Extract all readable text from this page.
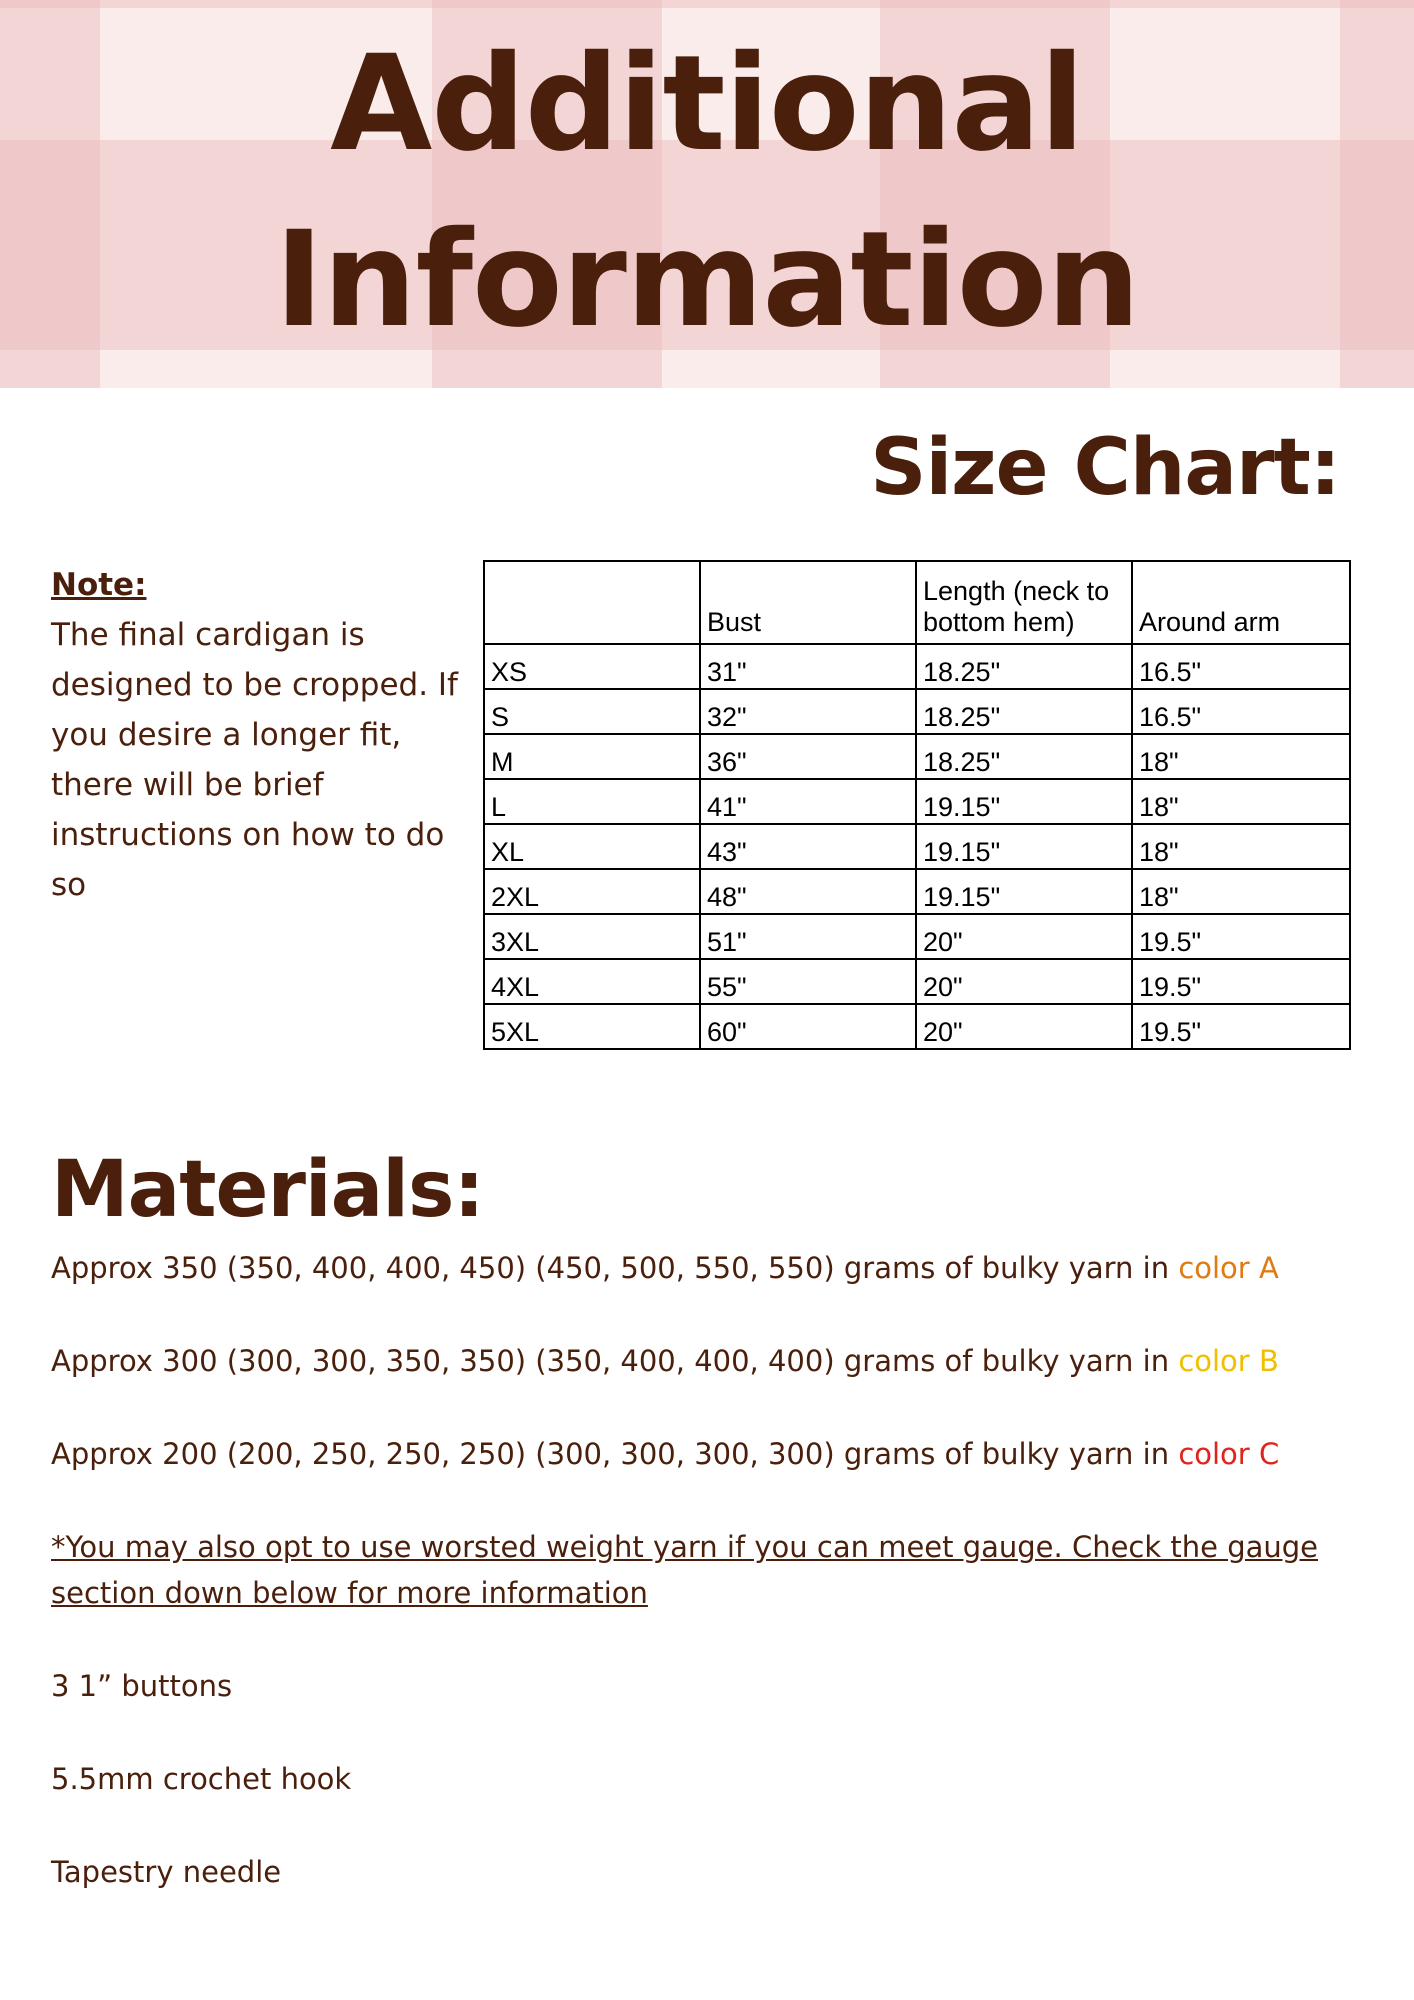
Additional
Information
Size Chart:
Note:
The final cardigan is designed to be cropped. If you desire a longer fit, there will be brief instructions on how to do so
	Bust	Length (neck to bottom hem)	Around arm
XS	31"	18.25"	16.5"
S	32"	18.25"	16.5"
M	36"	18.25"	18"
L	41"	19.15"	18"
XL	43"	19.15"	18"
2XL	48"	19.15"	18"
3XL	51"	20"	19.5"
4XL	55"	20"	19.5"
5XL	60"	20"	19.5"
Materials:
Approx 350 (350, 400, 400, 450) (450, 500, 550, 550) grams of bulky yarn in color A
Approx 300 (300, 300, 350, 350) (350, 400, 400, 400) grams of bulky yarn in color B
Approx 200 (200, 250, 250, 250) (300, 300, 300, 300) grams of bulky yarn in color C
*You may also opt to use worsted weight yarn if you can meet gauge. Check the gauge section down below for more information
3 1” buttons
5.5mm crochet hook
Tapestry needle
